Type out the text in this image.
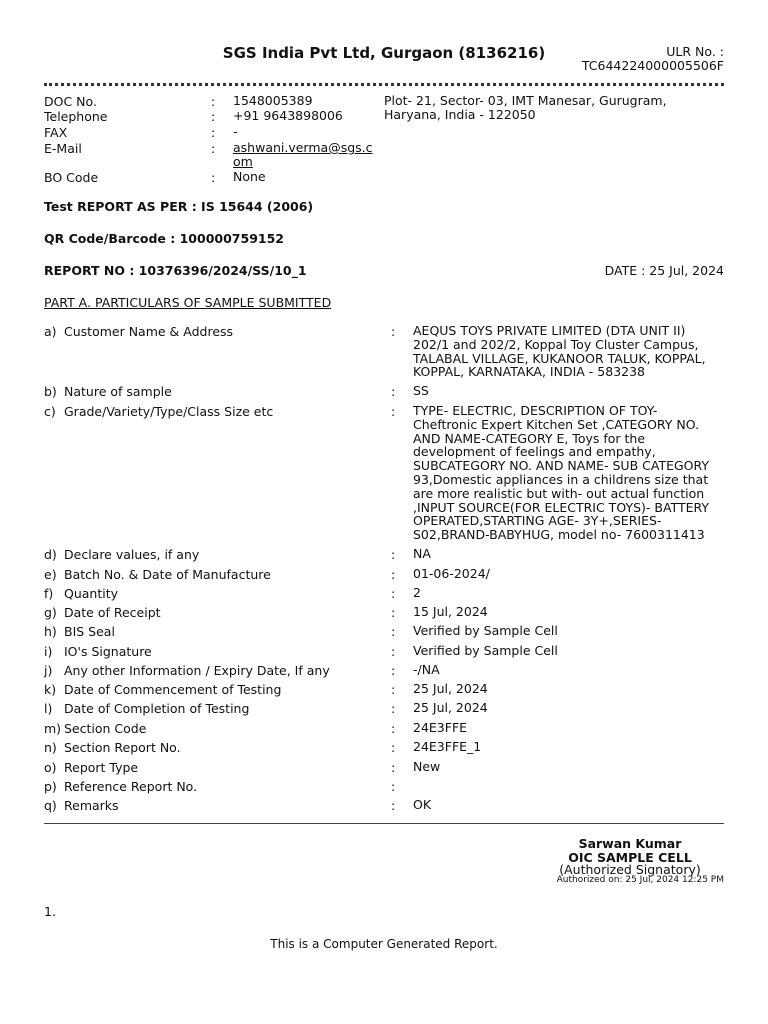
SGS India Pvt Ltd, Gurgaon (8136216)	ULR No. :
TC644224000005506F
DOC No.	: 1548005389
Telephone	: +91 9643898006
FAX	: -
E-Mail	: ashwani.verma@sgs.com
BO Code	: None
Plot- 21, Sector- 03, IMT Manesar, Gurugram, Haryana, India - 122050
Test REPORT AS PER : IS 15644 (2006)
QR Code/Barcode : 100000759152
REPORT NO : 10376396/2024/SS/10_1	DATE : 25 Jul, 2024
PART A. PARTICULARS OF SAMPLE SUBMITTED
a) Customer Name & Address	: AEQUS TOYS PRIVATE LIMITED (DTA UNIT II) 202/1 and 202/2, Koppal Toy Cluster Campus, TALABAL VILLAGE, KUKANOOR TALUK, KOPPAL, KOPPAL, KARNATAKA, INDIA - 583238
b) Nature of sample	: SS
c) Grade/Variety/Type/Class Size etc	: TYPE- ELECTRIC, DESCRIPTION OF TOY- Cheftronic Expert Kitchen Set ,CATEGORY NO. AND NAME-CATEGORY E, Toys for the development of feelings and empathy, SUBCATEGORY NO. AND NAME- SUB CATEGORY 93,Domestic appliances in a childrens size that are more realistic but with- out actual function ,INPUT SOURCE(FOR ELECTRIC TOYS)- BATTERY OPERATED,STARTING AGE- 3Y+,SERIES- S02,BRAND-BABYHUG, model no- 7600311413
d) Declare values, if any	: NA
e) Batch No. & Date of Manufacture	: 01-06-2024/
f) Quantity	: 2
g) Date of Receipt	: 15 Jul, 2024
h) BIS Seal	: Verified by Sample Cell
i) IO's Signature	: Verified by Sample Cell
j) Any other Information / Expiry Date, If any	: -/NA
k) Date of Commencement of Testing	: 25 Jul, 2024
l) Date of Completion of Testing	: 25 Jul, 2024
m) Section Code	: 24E3FFE
n) Section Report No.	: 24E3FFE_1
o) Report Type	: New
p) Reference Report No.	:
q) Remarks	: OK
Sarwan Kumar
OIC SAMPLE CELL
(Authorized Signatory)
Authorized on: 25 Jul, 2024 12:25 PM
1.
This is a Computer Generated Report.
